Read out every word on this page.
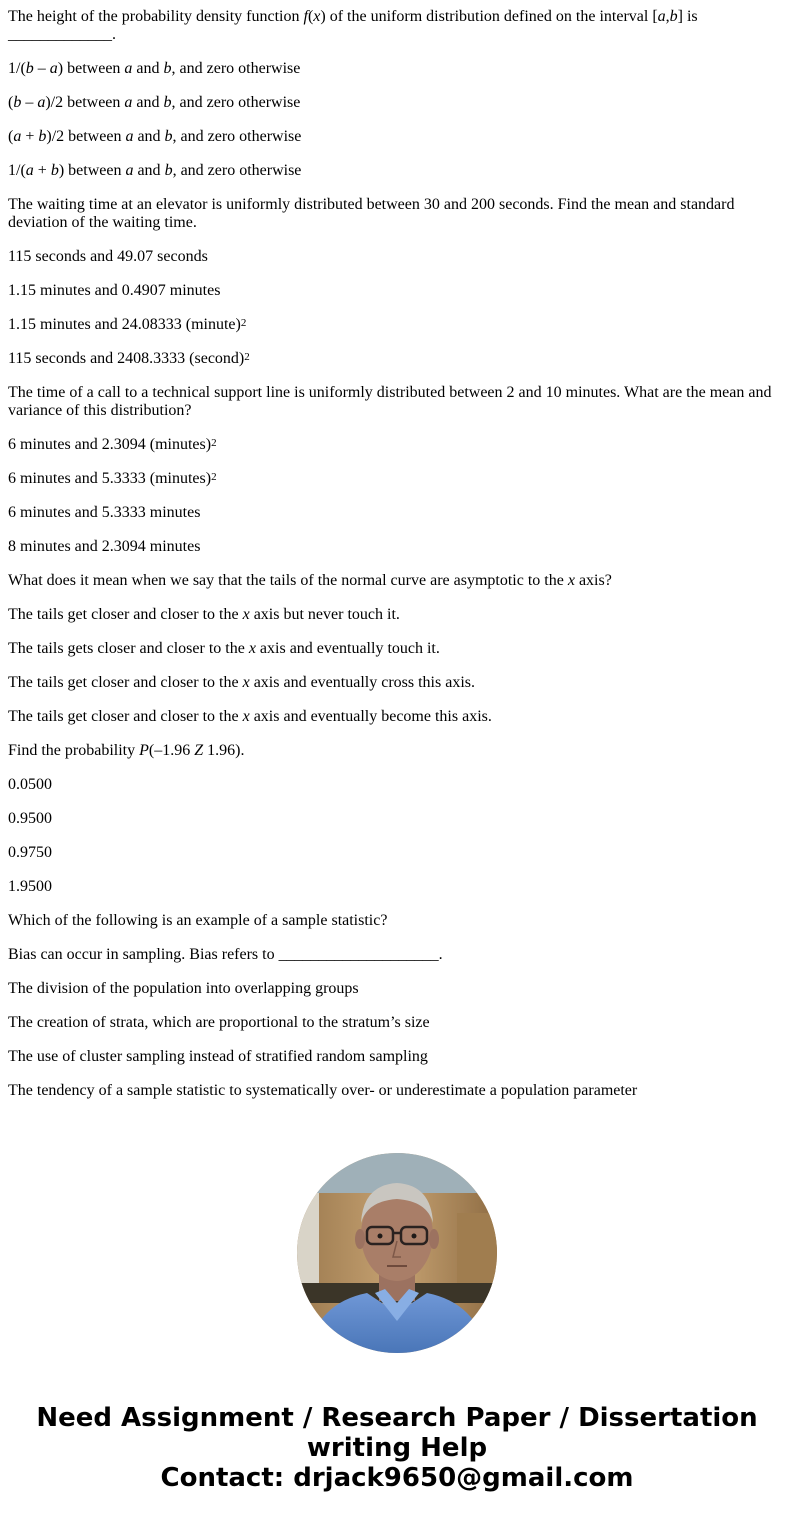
The height of the probability density function f(x) of the uniform distribution defined on the interval [a,b] is _____________.

1/(b – a) between a and b, and zero otherwise

(b – a)/2 between a and b, and zero otherwise

(a + b)/2 between a and b, and zero otherwise

1/(a + b) between a and b, and zero otherwise

The waiting time at an elevator is uniformly distributed between 30 and 200 seconds. Find the mean and standard deviation of the waiting time.

115 seconds and 49.07 seconds

1.15 minutes and 0.4907 minutes

1.15 minutes and 24.08333 (minute)$^2$

115 seconds and 2408.3333 (second)$^2$

The time of a call to a technical support line is uniformly distributed between 2 and 10 minutes. What are the mean and variance of this distribution?

6 minutes and 2.3094 (minutes)$^2$

6 minutes and 5.3333 (minutes)$^2$

6 minutes and 5.3333 minutes

8 minutes and 2.3094 minutes

What does it mean when we say that the tails of the normal curve are asymptotic to the x axis?

The tails get closer and closer to the x axis but never touch it.

The tails gets closer and closer to the x axis and eventually touch it.

The tails get closer and closer to the x axis and eventually cross this axis.

The tails get closer and closer to the x axis and eventually become this axis.

Find the probability P(–1.96 Z 1.96).

0.0500

0.9500

0.9750

1.9500

Which of the following is an example of a sample statistic?

Bias can occur in sampling. Bias refers to ____________________.

The division of the population into overlapping groups

The creation of strata, which are proportional to the stratum’s size

The use of cluster sampling instead of stratified random sampling

The tendency of a sample statistic to systematically over- or underestimate a population parameter

Need Assignment / Research Paper / Dissertation
writing Help
Contact: drjack9650@gmail.com
